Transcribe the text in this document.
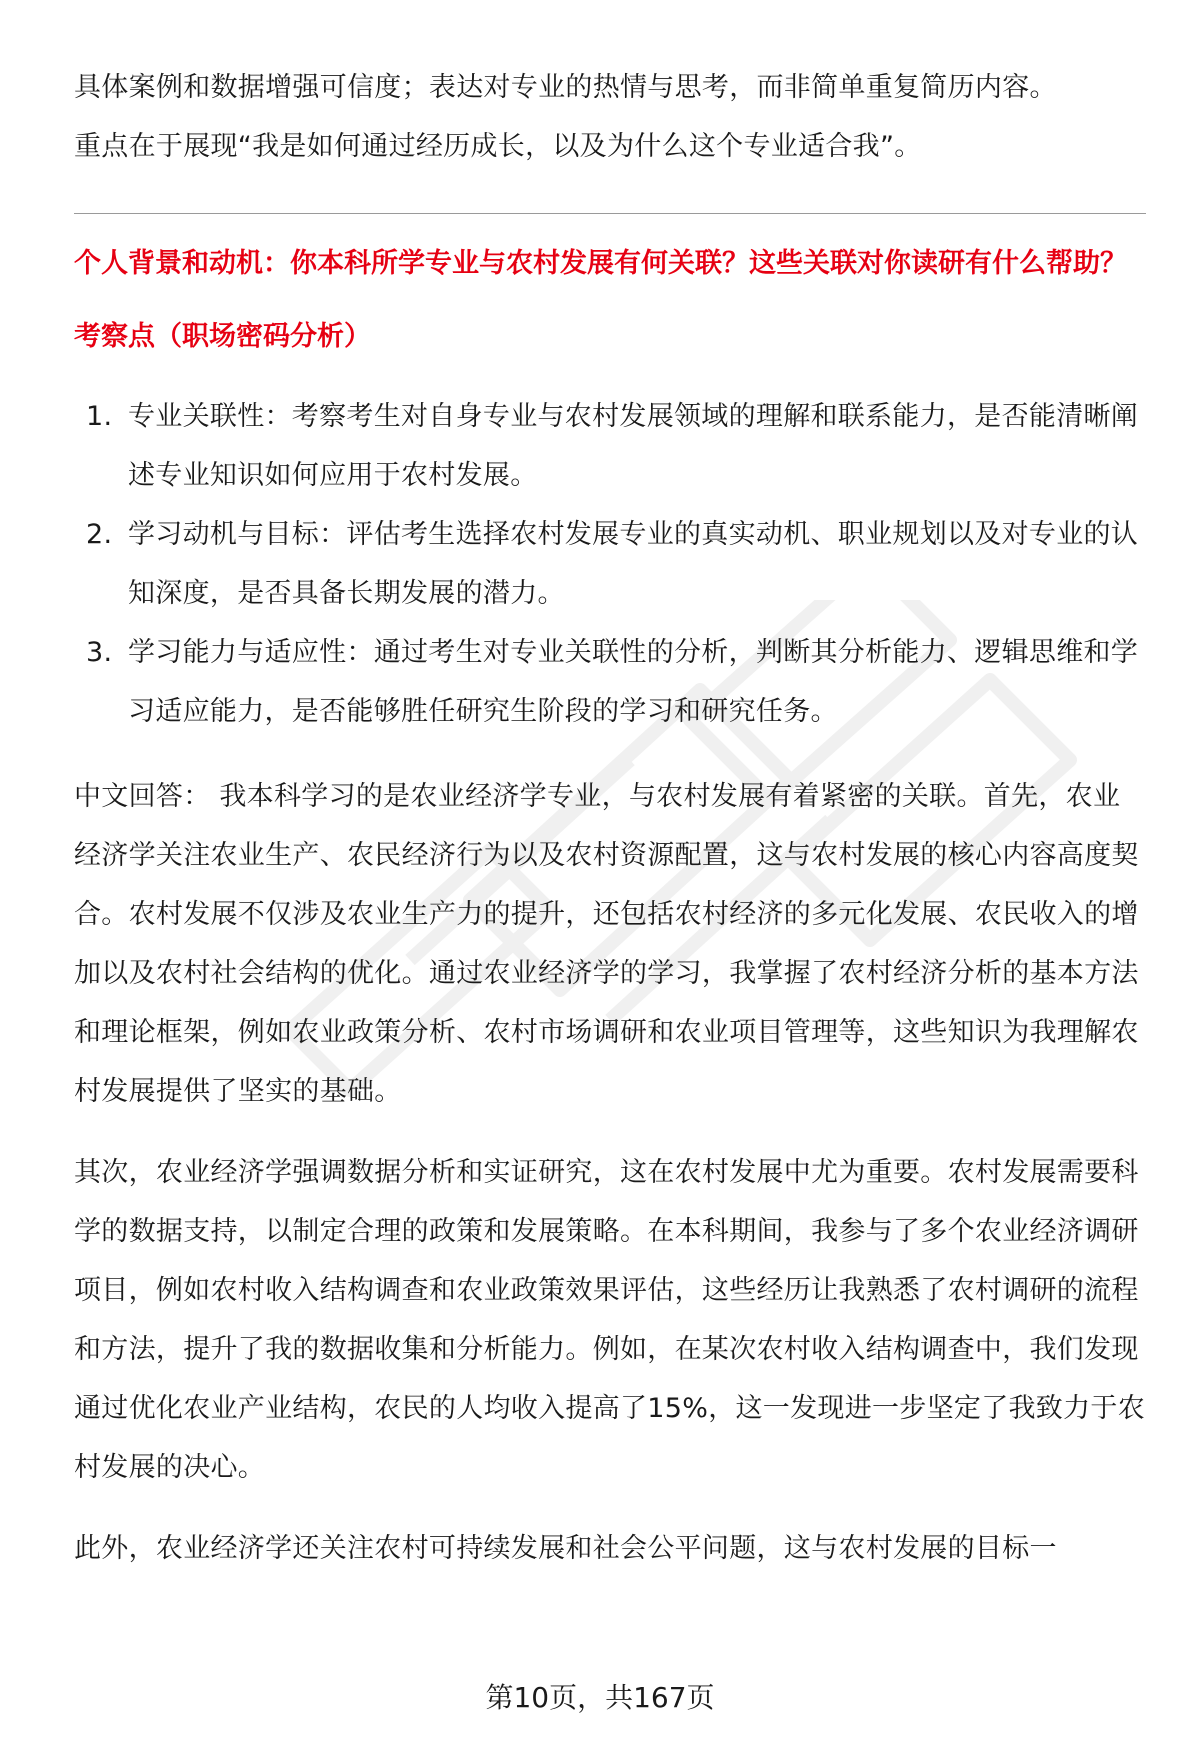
具体案例和数据增强可信度；表达对专业的热情与思考，而非简单重复简历内容。

重点在于展现“我是如何通过经历成长，以及为什么这个专业适合我”。

个人背景和动机：你本科所学专业与农村发展有何关联？这些关联对你读研有什么帮助？
考察点（职场密码分析）
1. 专业关联性：考察考生对自身专业与农村发展领域的理解和联系能力，是否能清晰阐述专业知识如何应用于农村发展。
2. 学习动机与目标：评估考生选择农村发展专业的真实动机、职业规划以及对专业的认知深度，是否具备长期发展的潜力。
3. 学习能力与适应性：通过考生对专业关联性的分析，判断其分析能力、逻辑思维和学习适应能力，是否能够胜任研究生阶段的学习和研究任务。

中文回答： 我本科学习的是农业经济学专业，与农村发展有着紧密的关联。首先，农业经济学关注农业生产、农民经济行为以及农村资源配置，这与农村发展的核心内容高度契合。农村发展不仅涉及农业生产力的提升，还包括农村经济的多元化发展、农民收入的增加以及农村社会结构的优化。通过农业经济学的学习，我掌握了农村经济分析的基本方法和理论框架，例如农业政策分析、农村市场调研和农业项目管理等，这些知识为我理解农村发展提供了坚实的基础。

其次，农业经济学强调数据分析和实证研究，这在农村发展中尤为重要。农村发展需要科学的数据支持，以制定合理的政策和发展策略。在本科期间，我参与了多个农业经济调研项目，例如农村收入结构调查和农业政策效果评估，这些经历让我熟悉了农村调研的流程和方法，提升了我的数据收集和分析能力。例如，在某次农村收入结构调查中，我们发现通过优化农业产业结构，农民的人均收入提高了15%，这一发现进一步坚定了我致力于农村发展的决心。

此外，农业经济学还关注农村可持续发展和社会公平问题，这与农村发展的目标一

第10页，共167页
